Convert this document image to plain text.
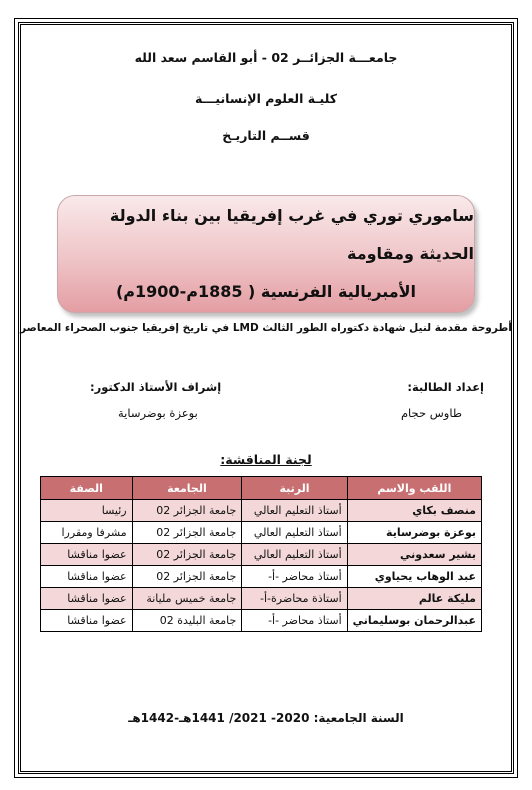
جامعـــة الجزائــر 02 - أبو القاسم سعد الله
كليـة العلوم الإنسانيـــة
قســم التاريـخ
ساموري توري في غرب إفريقيا بين بناء الدولة الحديثة ومقاومة
الأمبريالية الفرنسية ( 1885م-1900م)
أطروحة مقدمة لنيل شهادة دكتوراه الطور الثالث LMD في تاريخ إفريقيا جنوب الصحراء المعاصر
إعداد الطالبة:
طاوس حجام
إشراف الأستاذ الدكتور:
بوعزة بوضرساية
لجنة المناقشة:
اللقب والاسم	الرتبة	الجامعة	الصفة
منصف بكاي	أستاذ التعليم العالي	جامعة الجزائر 02	رئيسا
بوعزة بوضرساية	أستاذ التعليم العالي	جامعة الجزائر 02	مشرفا ومقررا
بشير سعدوني	أستاذ التعليم العالي	جامعة الجزائر 02	عضوا مناقشا
عبد الوهاب يحياوي	أستاذ محاضر -أ-	جامعة الجزائر 02	عضوا مناقشا
مليكة عالم	أستاذة محاضرة-أ-	جامعة خميس مليانة	عضوا مناقشا
عبدالرحمان بوسليماني	أستاذ محاضر -أ-	جامعة البليدة 02	عضوا مناقشا
السنة الجامعية: 2020- 2021/ 1441هـ-1442هـ
